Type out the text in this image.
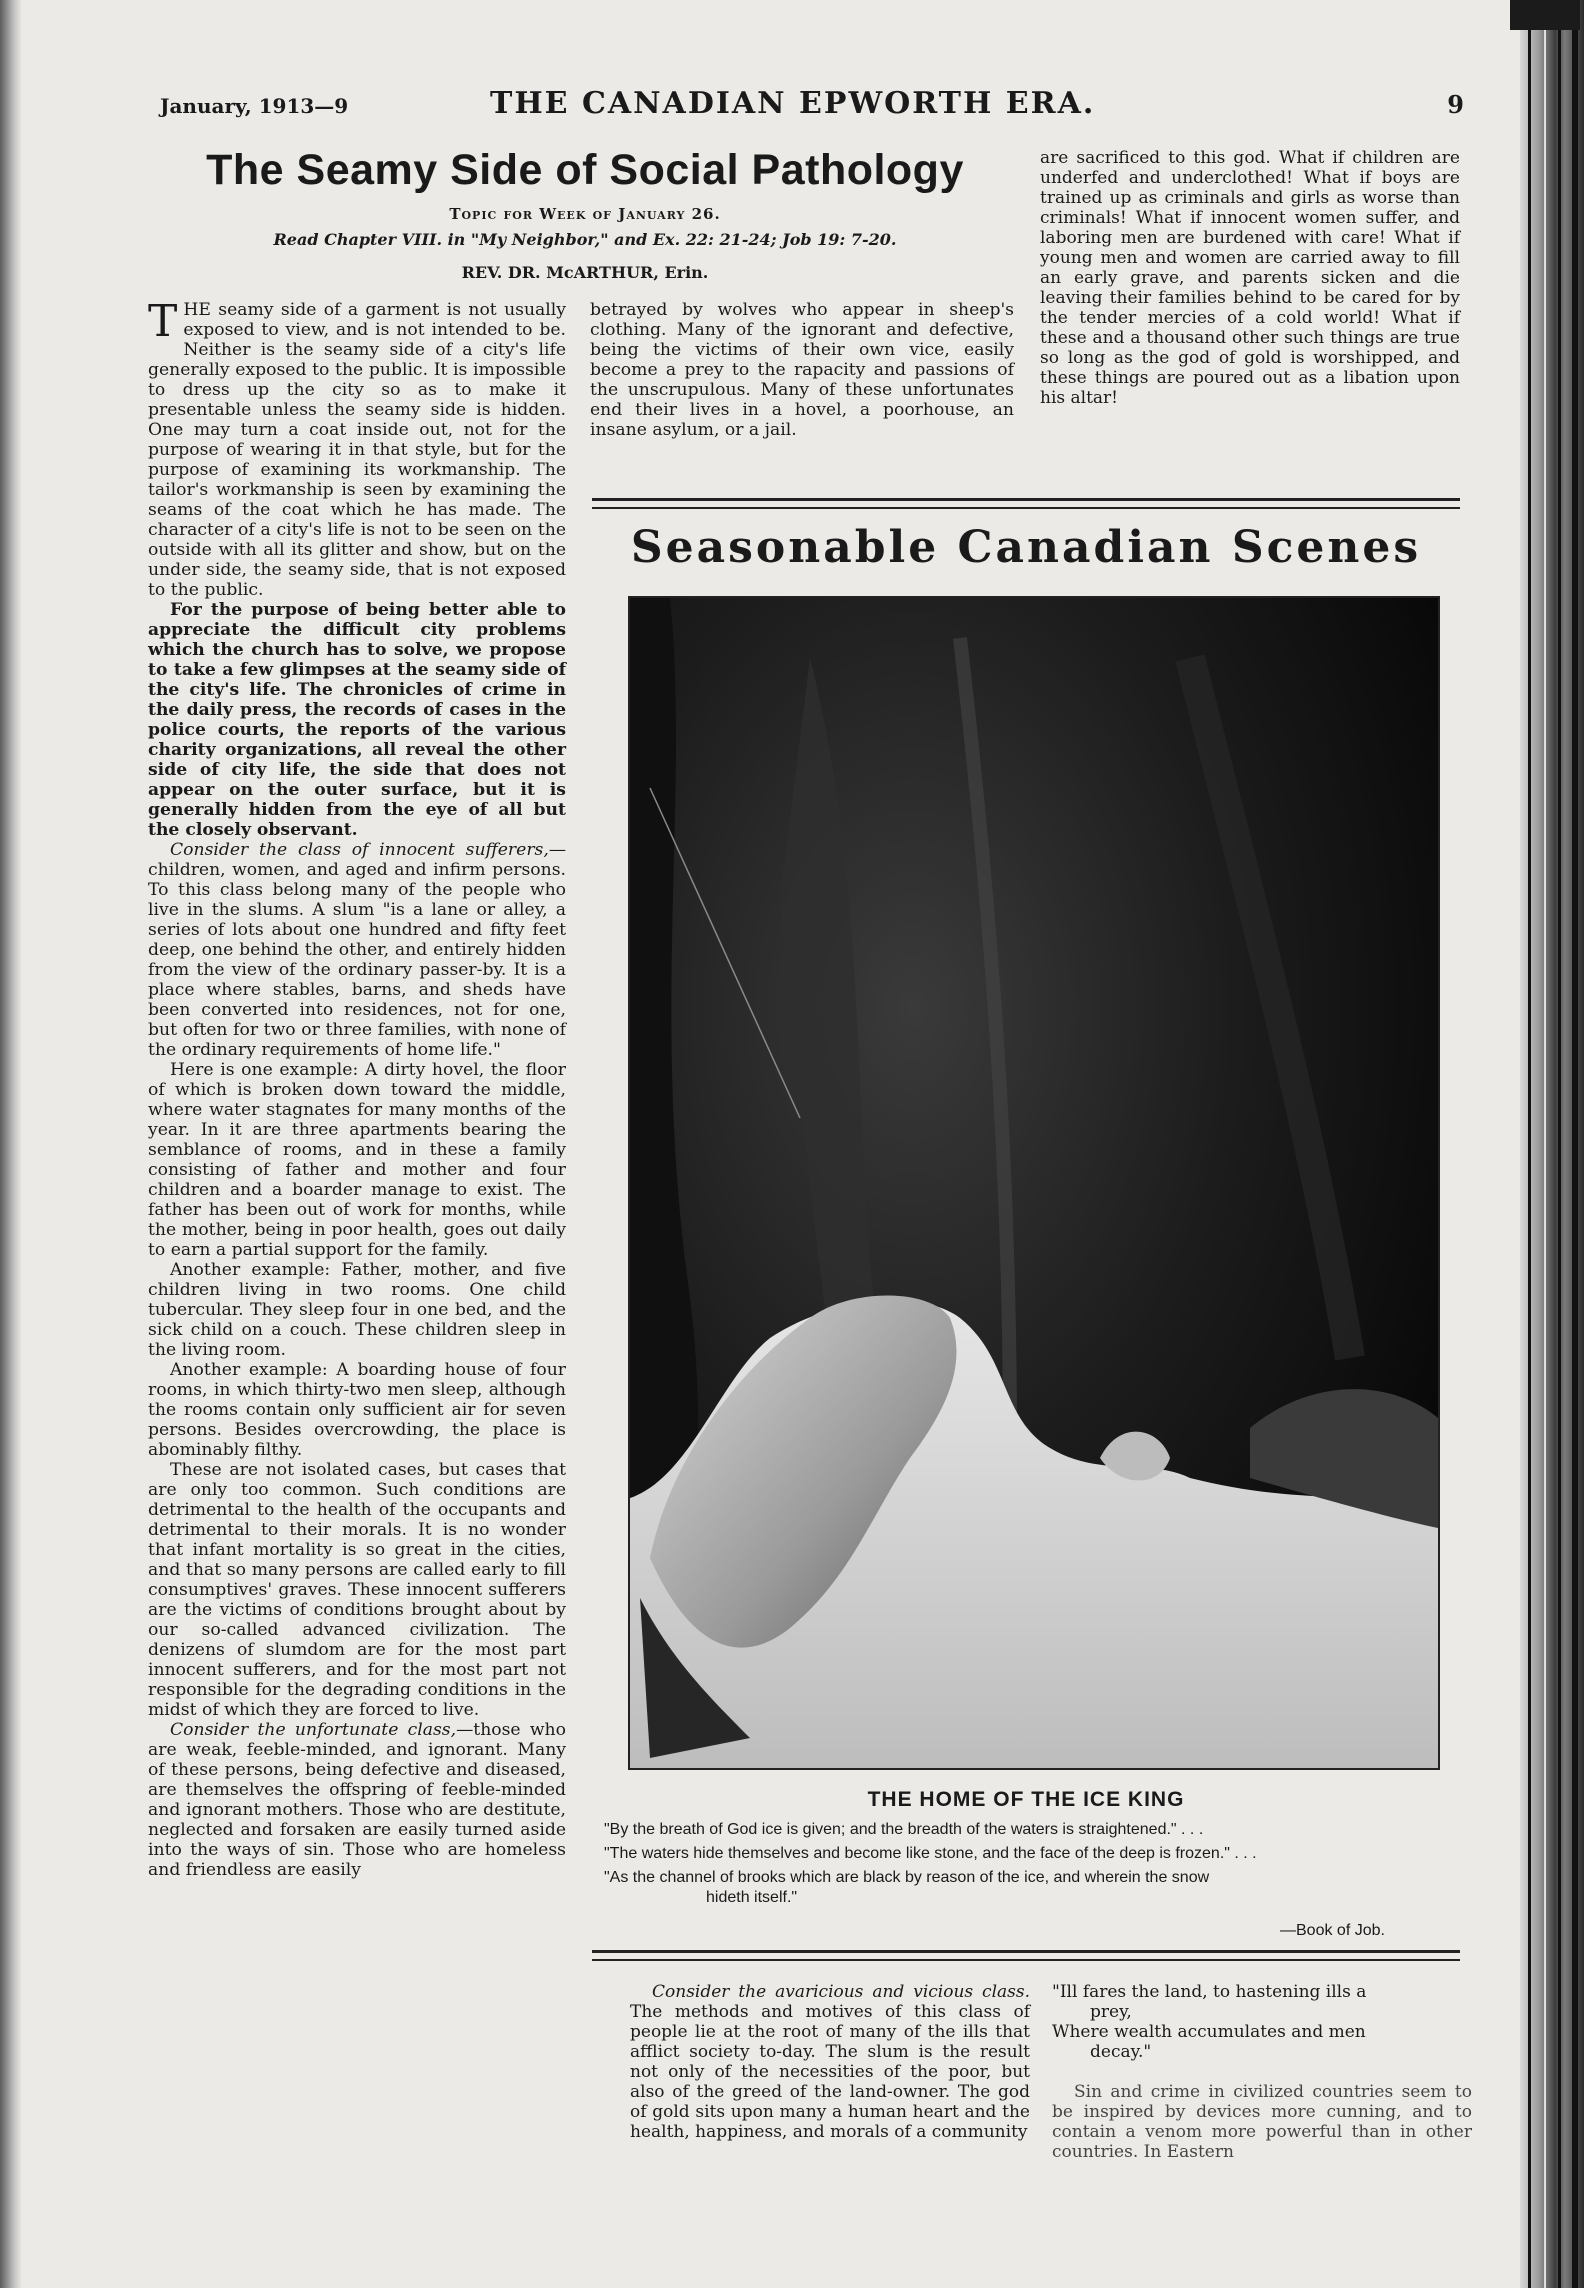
January, 1913—9	THE CANADIAN EPWORTH ERA.	9
The Seamy Side of Social Pathology
Topic for Week of January 26.
Read Chapter VIII. in "My Neighbor," and Ex. 22: 21-24; Job 19: 7-20.
REV. DR. McARTHUR, Erin.

THE seamy side of a garment is not usually exposed to view, and is not intended to be. Neither is the seamy side of a city's life generally exposed to the public. It is impossible to dress up the city so as to make it presentable unless the seamy side is hidden. One may turn a coat inside out, not for the purpose of wearing it in that style, but for the purpose of examining its workmanship. The tailor's workmanship is seen by examining the seams of the coat which he has made. The character of a city's life is not to be seen on the outside with all its glitter and show, but on the under side, the seamy side, that is not exposed to the public.

For the purpose of being better able to appreciate the difficult city problems which the church has to solve, we propose to take a few glimpses at the seamy side of the city's life. The chronicles of crime in the daily press, the records of cases in the police courts, the reports of the various charity organizations, all reveal the other side of city life, the side that does not appear on the outer surface, but it is generally hidden from the eye of all but the closely observant.

Consider the class of innocent sufferers,—children, women, and aged and infirm persons. To this class belong many of the people who live in the slums. A slum "is a lane or alley, a series of lots about one hundred and fifty feet deep, one behind the other, and entirely hidden from the view of the ordinary passer-by. It is a place where stables, barns, and sheds have been converted into residences, not for one, but often for two or three families, with none of the ordinary requirements of home life."

Here is one example: A dirty hovel, the floor of which is broken down toward the middle, where water stagnates for many months of the year. In it are three apartments bearing the semblance of rooms, and in these a family consisting of father and mother and four children and a boarder manage to exist. The father has been out of work for months, while the mother, being in poor health, goes out daily to earn a partial support for the family.

Another example: Father, mother, and five children living in two rooms. One child tubercular. They sleep four in one bed, and the sick child on a couch. These children sleep in the living room.

Another example: A boarding house of four rooms, in which thirty-two men sleep, although the rooms contain only sufficient air for seven persons. Besides overcrowding, the place is abominably filthy.

These are not isolated cases, but cases that are only too common. Such conditions are detrimental to the health of the occupants and detrimental to their morals. It is no wonder that infant mortality is so great in the cities, and that so many persons are called early to fill consumptives' graves. These innocent sufferers are the victims of conditions brought about by our so-called advanced civilization. The denizens of slumdom are for the most part innocent sufferers, and for the most part not responsible for the degrading conditions in the midst of which they are forced to live.

Consider the unfortunate class,—those who are weak, feeble-minded, and ignorant. Many of these persons, being defective and diseased, are themselves the offspring of feeble-minded and ignorant mothers. Those who are destitute, neglected and forsaken are easily turned aside into the ways of sin. Those who are homeless and friendless are easily

betrayed by wolves who appear in sheep's clothing. Many of the ignorant and defective, being the victims of their own vice, easily become a prey to the rapacity and passions of the unscrupulous. Many of these unfortunates end their lives in a hovel, a poorhouse, an insane asylum, or a jail.

are sacrificed to this god. What if children are underfed and underclothed! What if boys are trained up as criminals and girls as worse than criminals! What if innocent women suffer, and laboring men are burdened with care! What if young men and women are carried away to fill an early grave, and parents sicken and die leaving their families behind to be cared for by the tender mercies of a cold world! What if these and a thousand other such things are true so long as the god of gold is worshipped, and these things are poured out as a libation upon his altar!

Seasonable Canadian Scenes
THE HOME OF THE ICE KING
"By the breath of God ice is given; and the breadth of the waters is straightened." . . .
"The waters hide themselves and become like stone, and the face of the deep is frozen." . . .
"As the channel of brooks which are black by reason of the ice, and wherein the snow
hideth itself."
—Book of Job.

Consider the avaricious and vicious class. The methods and motives of this class of people lie at the root of many of the ills that afflict society to-day. The slum is the result not only of the necessities of the poor, but also of the greed of the land-owner. The god of gold sits upon many a human heart and the health, happiness, and morals of a community

"Ill fares the land, to hastening ills a
prey,
Where wealth accumulates and men
decay."

Sin and crime in civilized countries seem to be inspired by devices more cunning, and to contain a venom more powerful than in other countries. In Eastern
